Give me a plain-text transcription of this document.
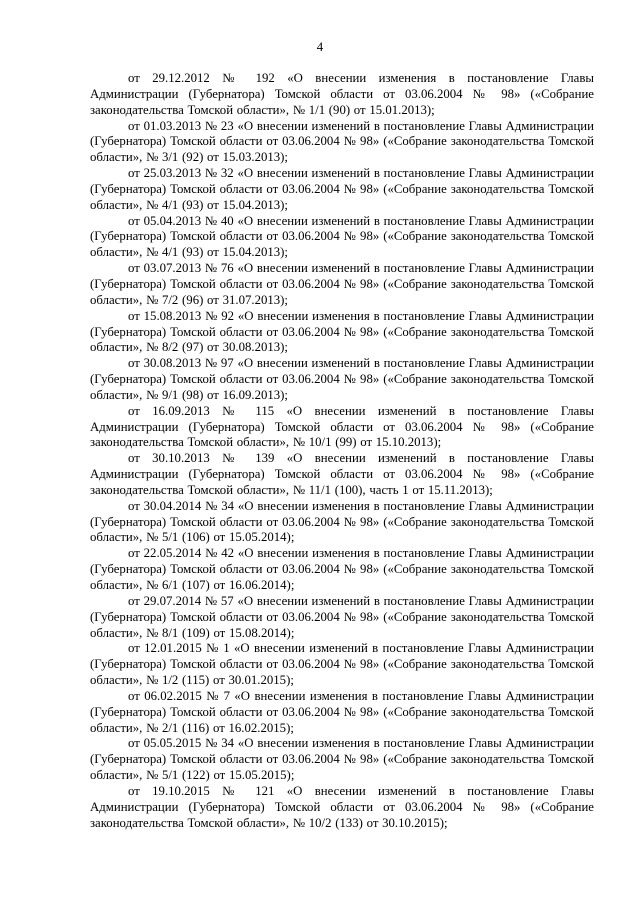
4

от 29.12.2012 № 192 «О внесении изменения в постановление Главы Администрации (Губернатора) Томской области от 03.06.2004 № 98» («Собрание законодательства Томской области», № 1/1 (90) от 15.01.2013);

от 01.03.2013 № 23 «О внесении изменений в постановление Главы Администрации (Губернатора) Томской области от 03.06.2004 № 98» («Собрание законодательства Томской области», № 3/1 (92) от 15.03.2013);

от 25.03.2013 № 32 «О внесении изменений в постановление Главы Администрации (Губернатора) Томской области от 03.06.2004 № 98» («Собрание законодательства Томской области», № 4/1 (93) от 15.04.2013);

от 05.04.2013 № 40 «О внесении изменений в постановление Главы Администрации (Губернатора) Томской области от 03.06.2004 № 98» («Собрание законодательства Томской области», № 4/1 (93) от 15.04.2013);

от 03.07.2013 № 76 «О внесении изменений в постановление Главы Администрации (Губернатора) Томской области от 03.06.2004 № 98» («Собрание законодательства Томской области», № 7/2 (96) от 31.07.2013);

от 15.08.2013 № 92 «О внесении изменения в постановление Главы Администрации (Губернатора) Томской области от 03.06.2004 № 98» («Собрание законодательства Томской области», № 8/2 (97) от 30.08.2013);

от 30.08.2013 № 97 «О внесении изменений в постановление Главы Администрации (Губернатора) Томской области от 03.06.2004 № 98» («Собрание законодательства Томской области», № 9/1 (98) от 16.09.2013);

от 16.09.2013 № 115 «О внесении изменений в постановление Главы Администрации (Губернатора) Томской области от 03.06.2004 № 98» («Собрание законодательства Томской области», № 10/1 (99) от 15.10.2013);

от 30.10.2013 № 139 «О внесении изменений в постановление Главы Администрации (Губернатора) Томской области от 03.06.2004 № 98» («Собрание законодательства Томской области», № 11/1 (100), часть 1 от 15.11.2013);

от 30.04.2014 № 34 «О внесении изменения в постановление Главы Администрации (Губернатора) Томской области от 03.06.2004 № 98» («Собрание законодательства Томской области», № 5/1 (106) от 15.05.2014);

от 22.05.2014 № 42 «О внесении изменения в постановление Главы Администрации (Губернатора) Томской области от 03.06.2004 № 98» («Собрание законодательства Томской области», № 6/1 (107) от 16.06.2014);

от 29.07.2014 № 57 «О внесении изменений в постановление Главы Администрации (Губернатора) Томской области от 03.06.2004 № 98» («Собрание законодательства Томской области», № 8/1 (109) от 15.08.2014);

от 12.01.2015 № 1 «О внесении изменений в постановление Главы Администрации (Губернатора) Томской области от 03.06.2004 № 98» («Собрание законодательства Томской области», № 1/2 (115) от 30.01.2015);

от 06.02.2015 № 7 «О внесении изменения в постановление Главы Администрации (Губернатора) Томской области от 03.06.2004 № 98» («Собрание законодательства Томской области», № 2/1 (116) от 16.02.2015);

от 05.05.2015 № 34 «О внесении изменения в постановление Главы Администрации (Губернатора) Томской области от 03.06.2004 № 98» («Собрание законодательства Томской области», № 5/1 (122) от 15.05.2015);

от 19.10.2015 № 121 «О внесении изменений в постановление Главы Администрации (Губернатора) Томской области от 03.06.2004 № 98» («Собрание законодательства Томской области», № 10/2 (133) от 30.10.2015);
